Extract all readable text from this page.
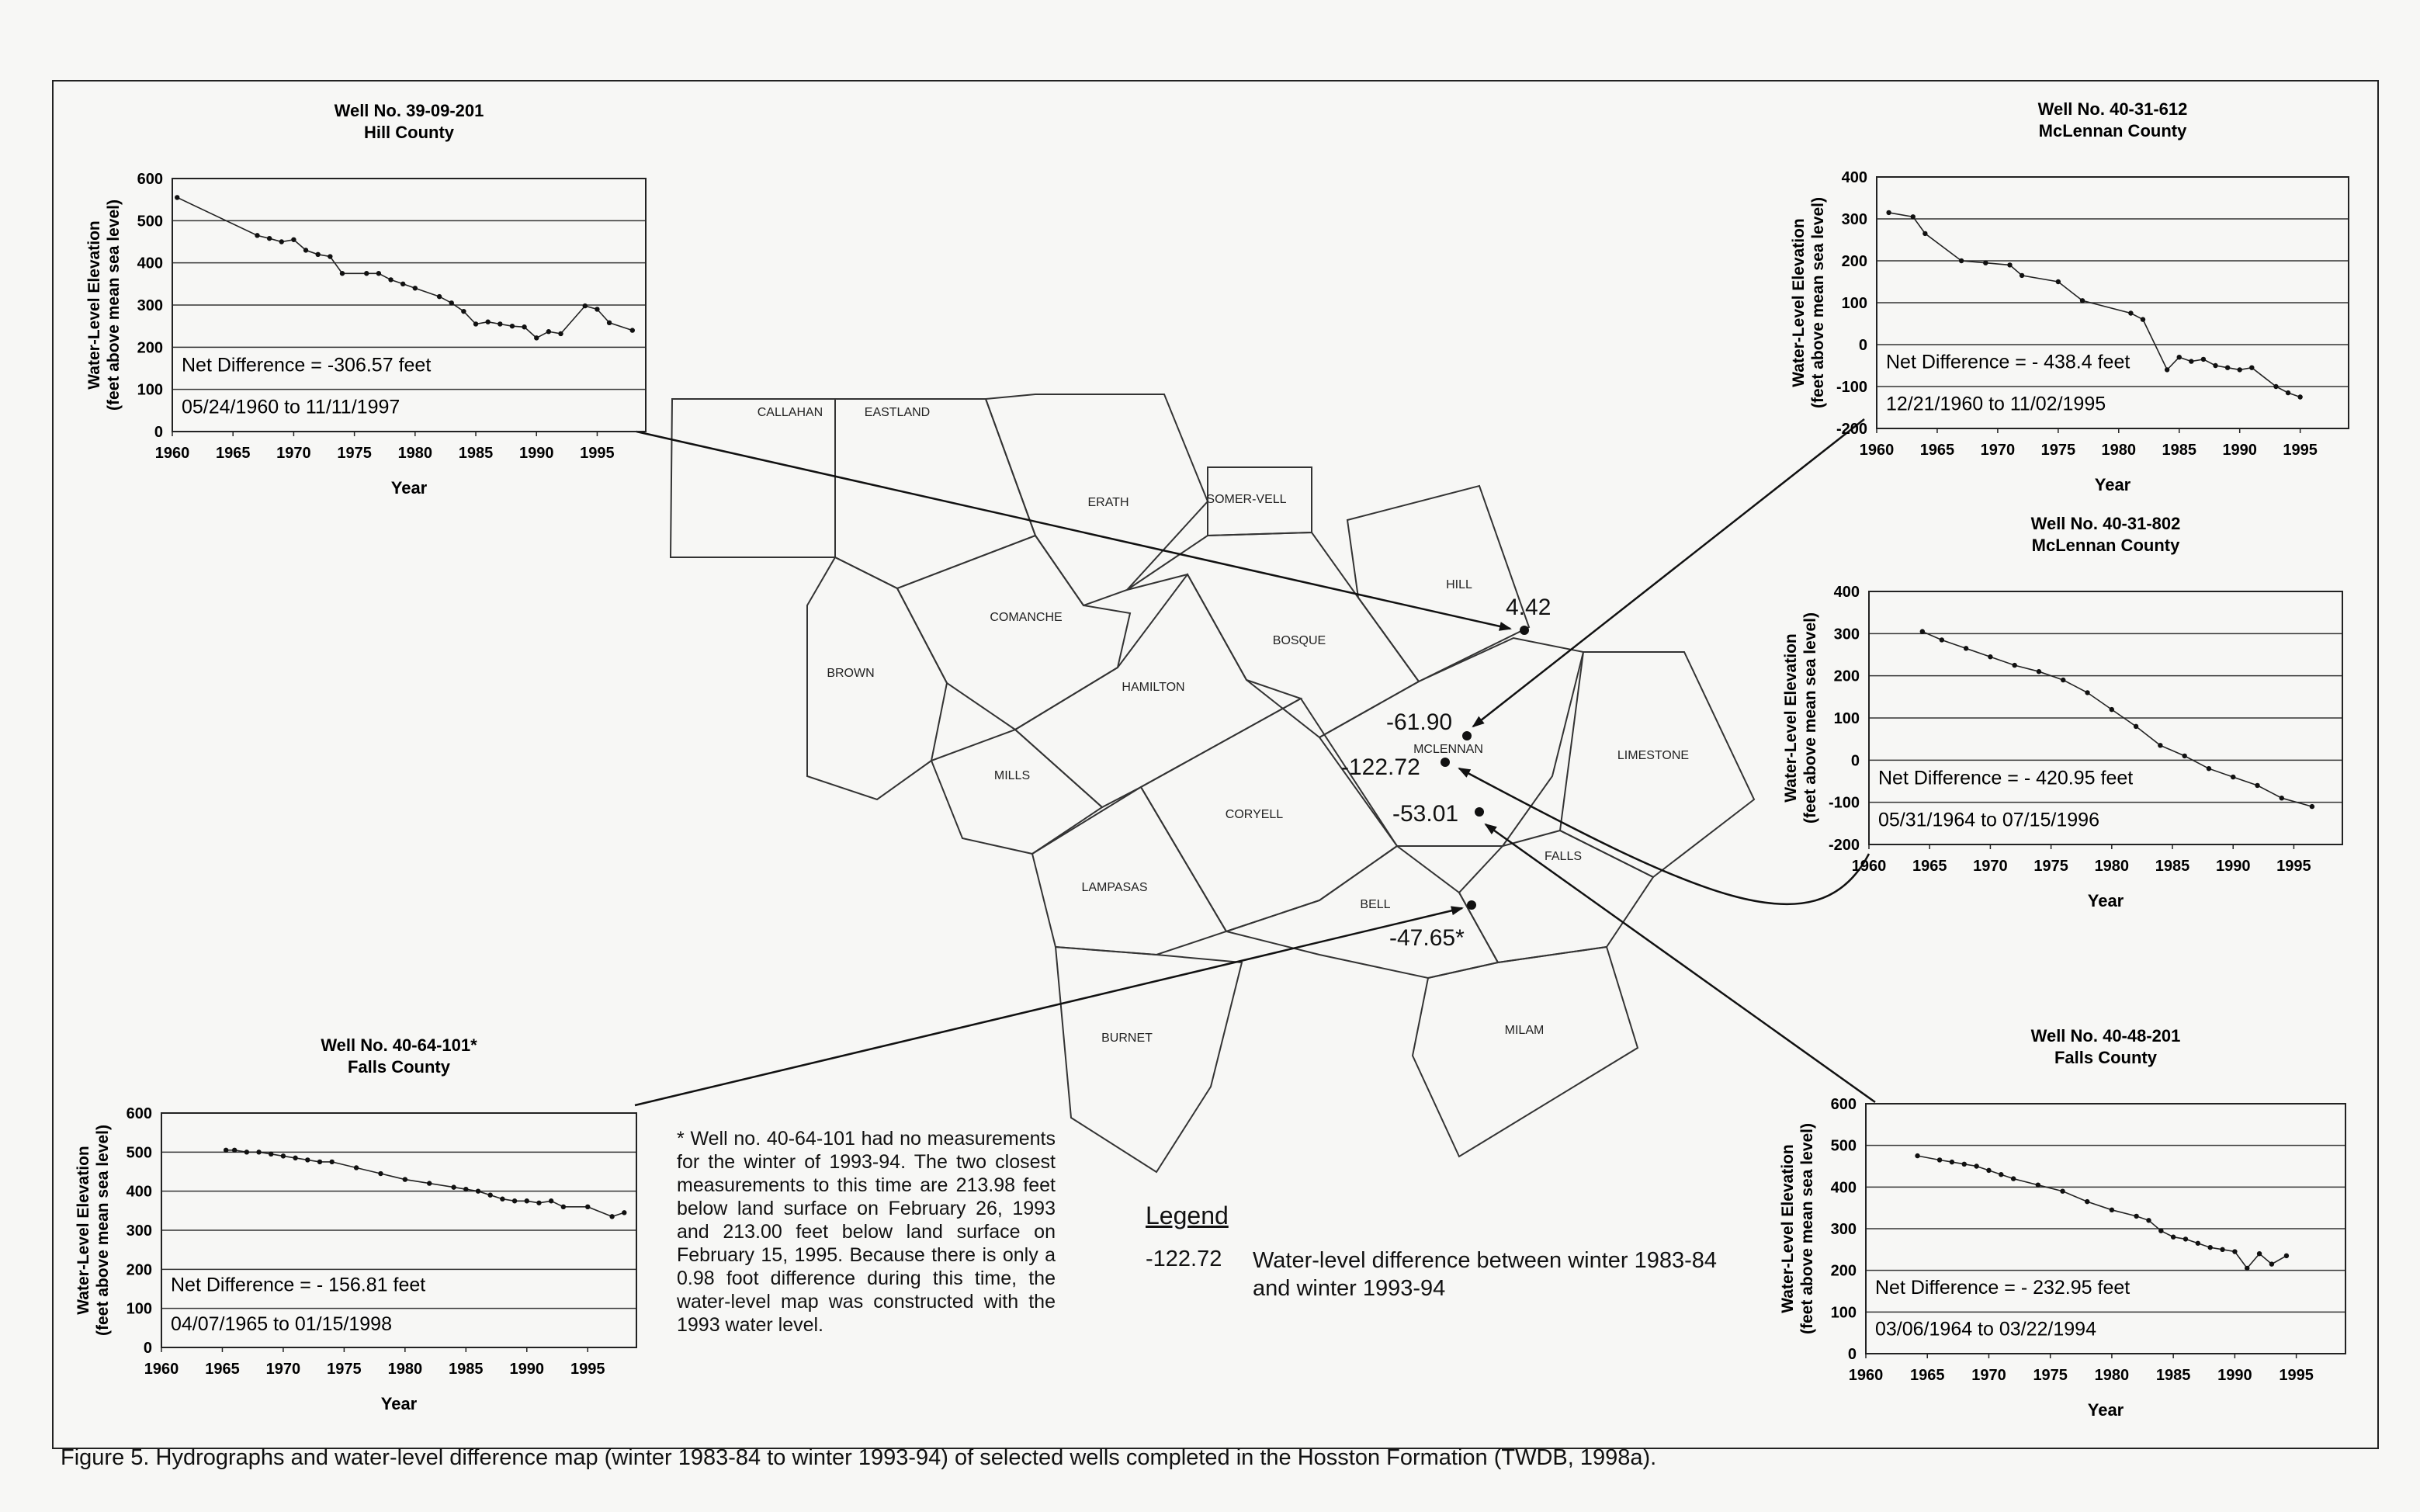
CALLAHAN	EASTLAND
ERATH	SOMER-VELL
HILL
COMANCHE
BOSQUE
BROWN
HAMILTON
MCLENNAN	LIMESTONE
MILLS
CORYELL
FALLS
LAMPASAS
BELL
BURNET
MILAM
4.42
-61.90
-122.72
-53.01
-47.65*
Well No. 39-09-201
Hill County
0
100
200
300
400
500
600
1960 1965 1970 1975 1980 1985 1990 1995
Year
Water-Level Elevation (feet above mean sea level)	Net Difference = -306.57 feet
05/24/1960 to 11/11/1997
Well No. 40-31-612
McLennan County
-200
-100
0
100
200
300
400
1960 1965 1970 1975 1980 1985 1990 1995
Year
Water-Level Elevation (feet above mean sea level)	Net Difference = - 438.4 feet
12/21/1960 to 11/02/1995
Well No. 40-31-802
McLennan County
-200
-100
0
100
200
300
400
1960 1965 1970 1975 1980 1985 1990 1995
Year
Water-Level Elevation (feet above mean sea level)	Net Difference = - 420.95 feet
05/31/1964 to 07/15/1996
Well No. 40-64-101*
Falls County
0
100
200
300
400
500
600
1960 1965 1970 1975 1980 1985 1990 1995
Year
Water-Level Elevation (feet above mean sea level)	Net Difference = - 156.81 feet
04/07/1965 to 01/15/1998
Well No. 40-48-201
Falls County
0
100
200
300
400
500
600
1960 1965 1970 1975 1980 1985 1990 1995
Year
Water-Level Elevation (feet above mean sea level)	Net Difference = - 232.95 feet
03/06/1964 to 03/22/1994
* Well no. 40-64-101 had no measurements for the winter of 1993-94. The two closest measurements to this time are 213.98 feet below land surface on February 26, 1993 and 213.00 feet below land surface on February 15, 1995. Because there is only a 0.98 foot difference during this time, the water-level map was constructed with the 1993 water level.
Legend
-122.72 Water-level difference between winter 1983-84 and winter 1993-94
Figure 5. Hydrographs and water-level difference map (winter 1983-84 to winter 1993-94) of selected wells completed in the Hosston Formation (TWDB, 1998a).
